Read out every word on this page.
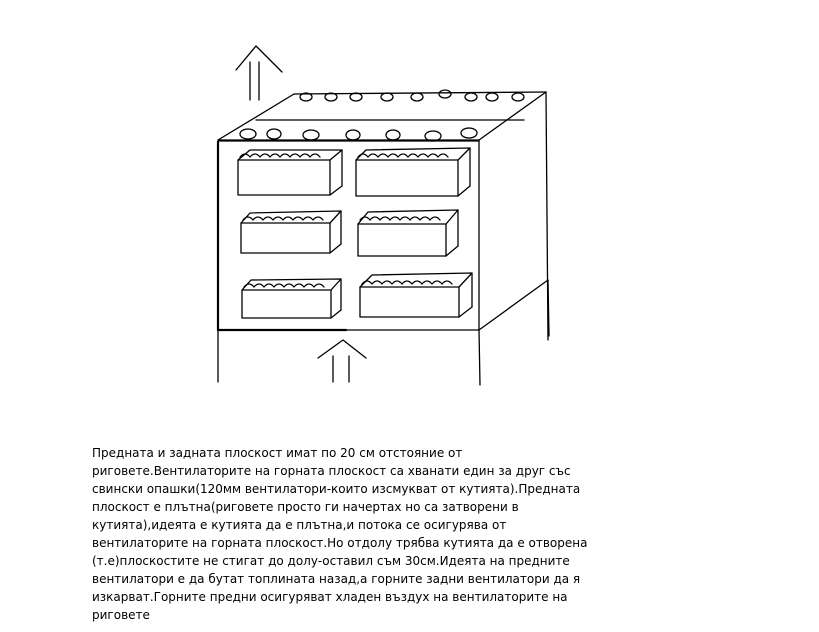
Предната и задната плоскост имат по 20 см отстояние от
риговете.Вентилаторите на горната плоскост са хванати един за друг със
свински опашки(120мм вентилатори-които изсмукват от кутията).Предната
плоскост е плътна(риговете просто ги начертах но са затворени в
кутията),идеята е кутията да е плътна,и потока се осигурява от
вентилаторите на горната плоскост.Но отдолу трябва кутията да е отворена
(т.е)плоскостите не стигат до долу-оставил съм 30см.Идеята на предните
вентилатори е да бутат топлината назад,а горните задни вентилатори да я
изкарват.Горните предни осигуряват хладен въздух на вентилаторите на
риговете
